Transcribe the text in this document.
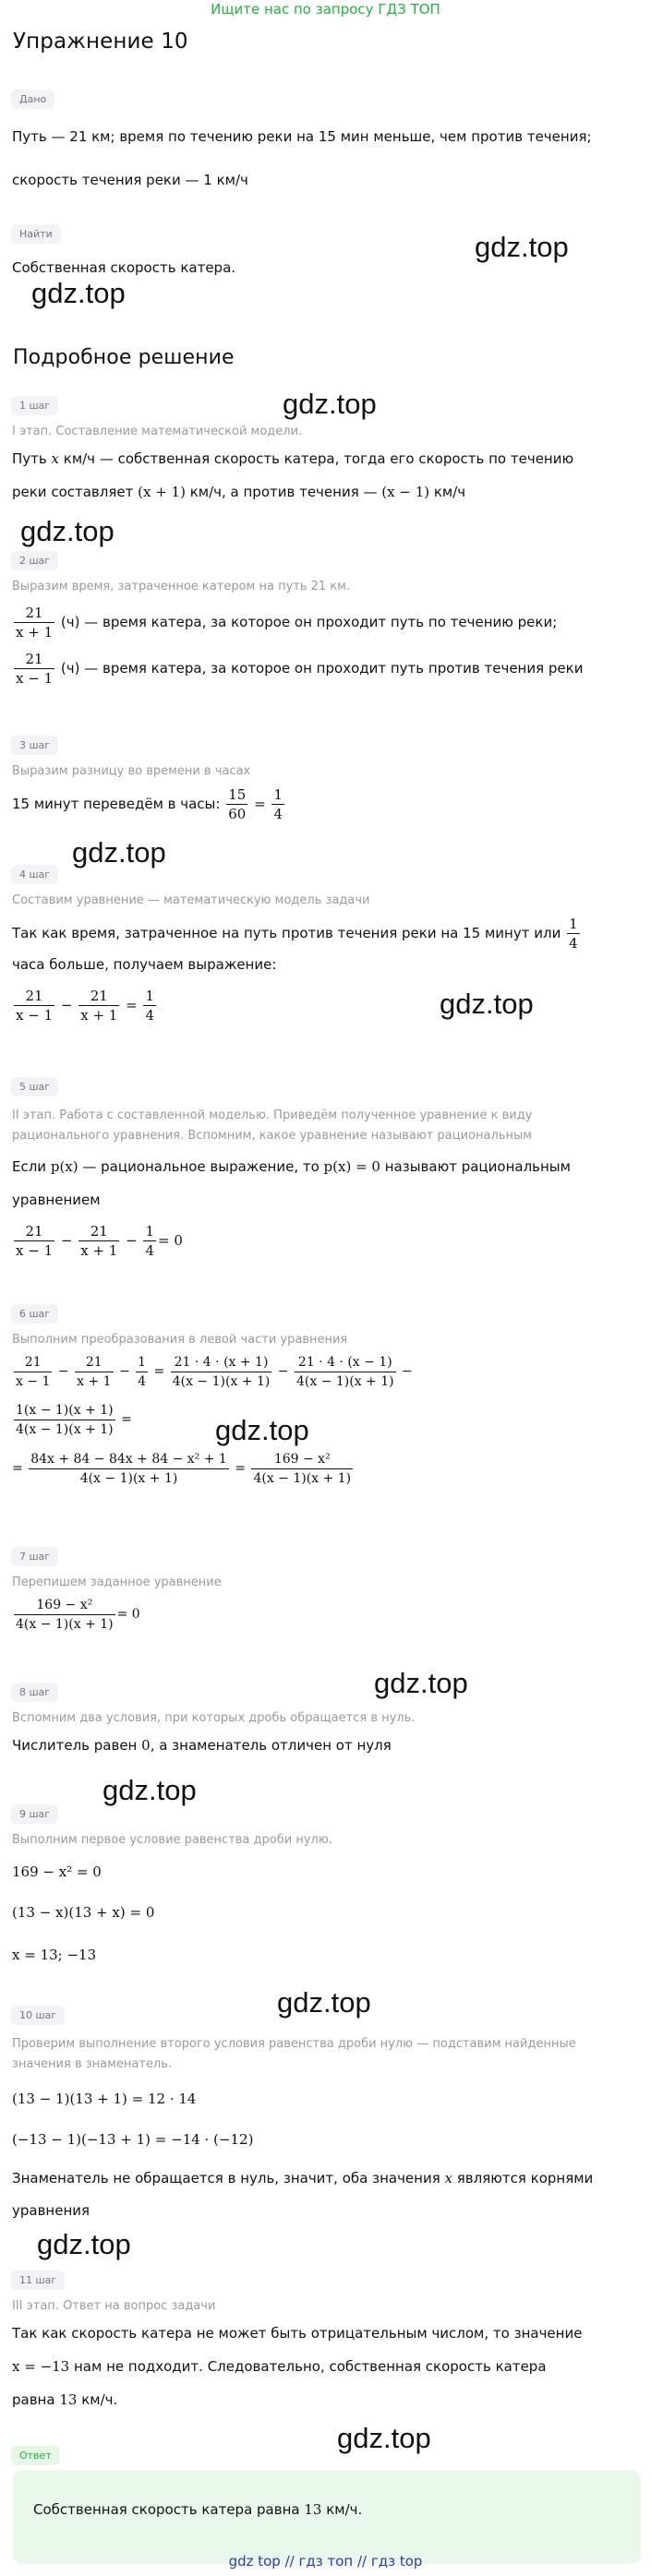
Ищите нас по запросу ГДЗ ТОП
Упражнение 10
Дано
Путь — 21 км; время по течению реки на 15 мин меньше, чем против течения;
скорость течения реки — 1 км/ч
Найти
Собственная скорость катера.
Подробное решение
1 шаг
I этап. Составление математической модели.
Путь x км/ч — собственная скорость катера, тогда его скорость по течению
реки составляет (x + 1) км/ч, а против течения — (x − 1) км/ч
2 шаг
Выразим время, затраченное катером на путь 21 км.
$\frac{21}{x + 1} (ч)$ — время катера, за которое он проходит путь по течению реки;
$\frac{21}{x - 1} (ч)$ — время катера, за которое он проходит путь против течения реки
3 шаг
Выразим разницу во времени в часах
15 минут переведём в часы: $\frac{15}{60} = \frac{1}{4}$
4 шаг
Составим уравнение — математическую модель задачи
Так как время, затраченное на путь против течения реки на 15 минут или $\frac{1}{4}$
часа больше, получаем выражение:
$\frac{21}{x - 1} - \frac{21}{x + 1} = \frac{1}{4}$
5 шаг
II этап. Работа с составленной моделью. Приведём полученное уравнение к виду
рационального уравнения. Вспомним, какое уравнение называют рациональным
Если p(x) — рациональное выражение, то p(x) = 0 называют рациональным
уравнением
$\frac{21}{x - 1} - \frac{21}{x + 1} - \frac{1}{4} = 0$
6 шаг
Выполним преобразования в левой части уравнения
$\frac{21}{x - 1} - \frac{21}{x + 1} - \frac{1}{4} = \frac{21 \cdot 4 \cdot (x + 1)}{4(x - 1)(x + 1)} - \frac{21 \cdot 4 \cdot (x - 1)}{4(x - 1)(x + 1)}$ −
$\frac{1(x - 1)(x + 1)}{4(x - 1)(x + 1)}$ =
= $\frac{\text{84x + 84 − 84x + 84 − x² + 1}}{4(x - 1)(x + 1)} = \frac{\text{169 − x²}}{4(x - 1)(x + 1)}$
7 шаг
Перепишем заданное уравнение
$\frac{\text{169 − x²}}{4(x - 1)(x + 1)} = 0$
8 шаг
Вспомним два условия, при которых дробь обращается в нуль.
Числитель равен 0, а знаменатель отличен от нуля
9 шаг
Выполним первое условие равенства дроби нулю.
169 − x² = 0
(13 − x)(13 + x) = 0
x = 13; −13
10 шаг
Проверим выполнение второго условия равенства дроби нулю — подставим найденные
значения в знаменатель.
(13 − 1)(13 + 1) = 12 · 14
(−13 − 1)(−13 + 1) = −14 · (−12)
Знаменатель не обращается в нуль, значит, оба значения x являются корнями
уравнения
11 шаг
III этап. Ответ на вопрос задачи
Так как скорость катера не может быть отрицательным числом, то значение
x = −13 нам не подходит. Следовательно, собственная скорость катера
равна 13 км/ч.
Ответ
Собственная скорость катера равна 13 км/ч.
gdz top // гдз топ // гдз top
gdz.top
gdz.top
gdz.top
gdz.top
gdz.top
gdz.top
gdz.top
gdz.top
gdz.top
gdz.top
gdz.top
gdz.top
